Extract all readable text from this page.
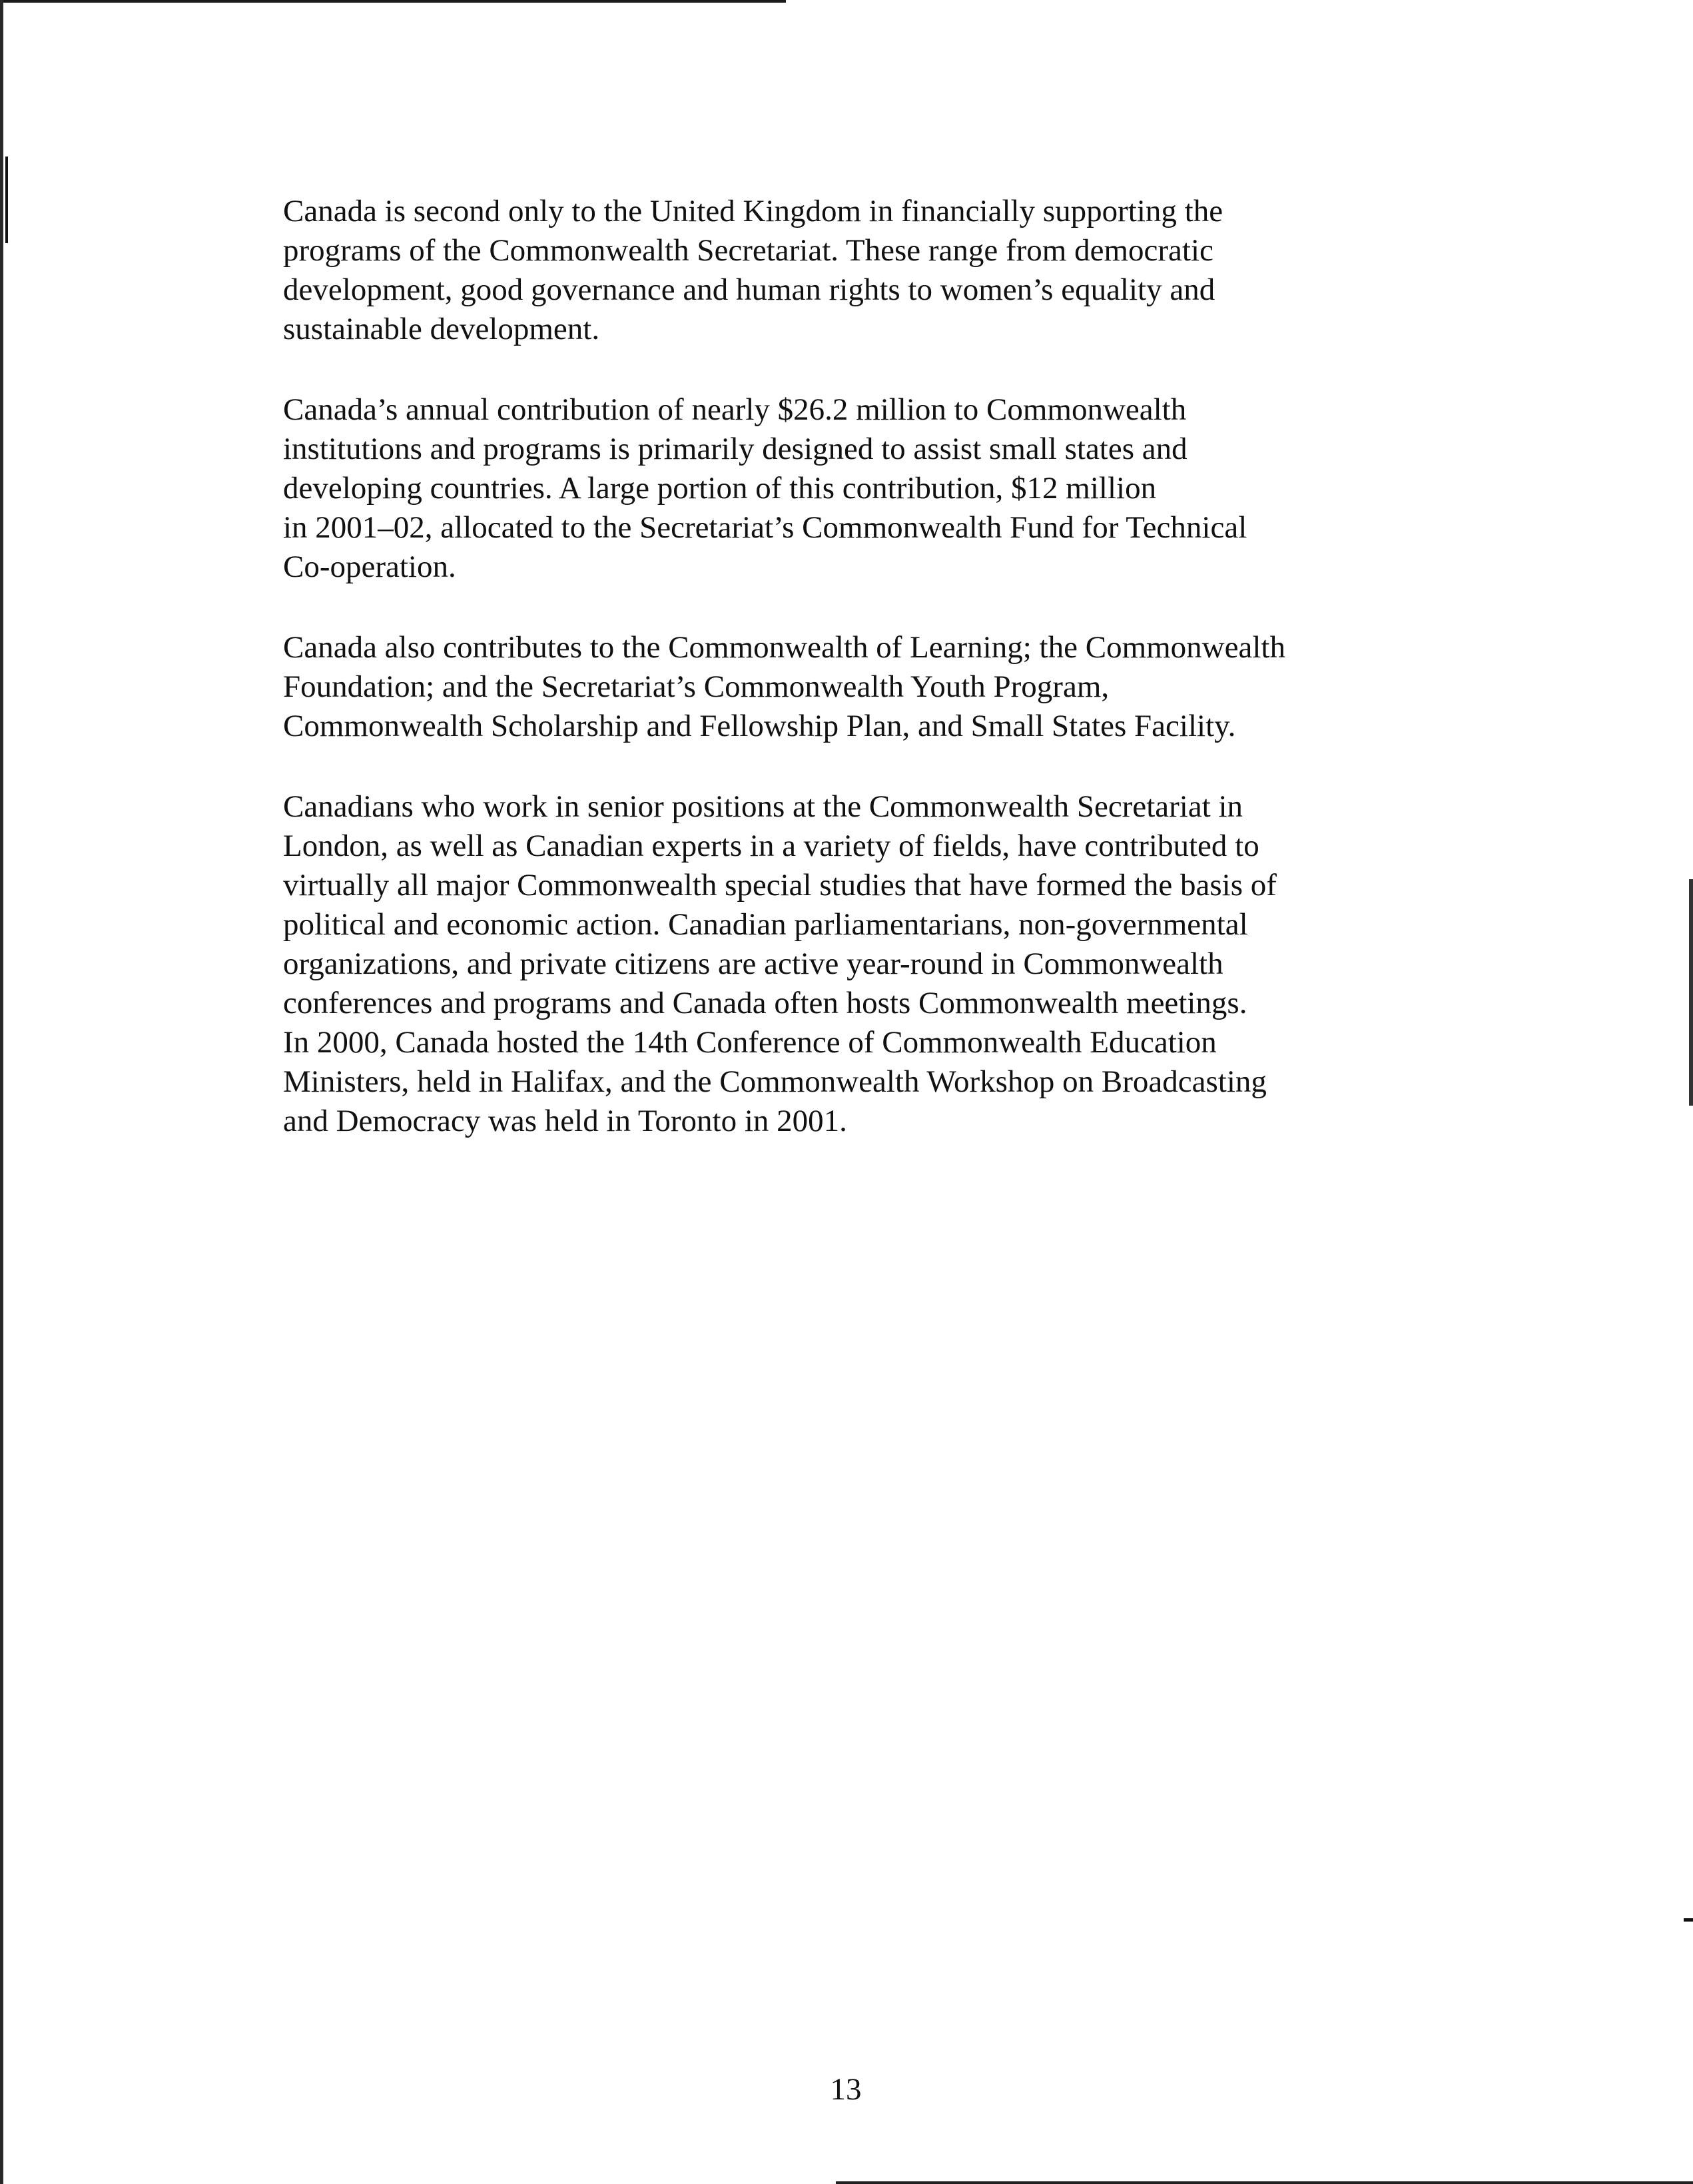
Canada is second only to the United Kingdom in financially supporting the
programs of the Commonwealth Secretariat. These range from democratic
development, good governance and human rights to women’s equality and
sustainable development.

Canada’s annual contribution of nearly $26.2 million to Commonwealth
institutions and programs is primarily designed to assist small states and
developing countries. A large portion of this contribution, $12 million
in 2001–02, allocated to the Secretariat’s Commonwealth Fund for Technical
Co-operation.

Canada also contributes to the Commonwealth of Learning; the Commonwealth
Foundation; and the Secretariat’s Commonwealth Youth Program,
Commonwealth Scholarship and Fellowship Plan, and Small States Facility.

Canadians who work in senior positions at the Commonwealth Secretariat in
London, as well as Canadian experts in a variety of fields, have contributed to
virtually all major Commonwealth special studies that have formed the basis of
political and economic action. Canadian parliamentarians, non-governmental
organizations, and private citizens are active year-round in Commonwealth
conferences and programs and Canada often hosts Commonwealth meetings.
In 2000, Canada hosted the 14th Conference of Commonwealth Education
Ministers, held in Halifax, and the Commonwealth Workshop on Broadcasting
and Democracy was held in Toronto in 2001.

13
